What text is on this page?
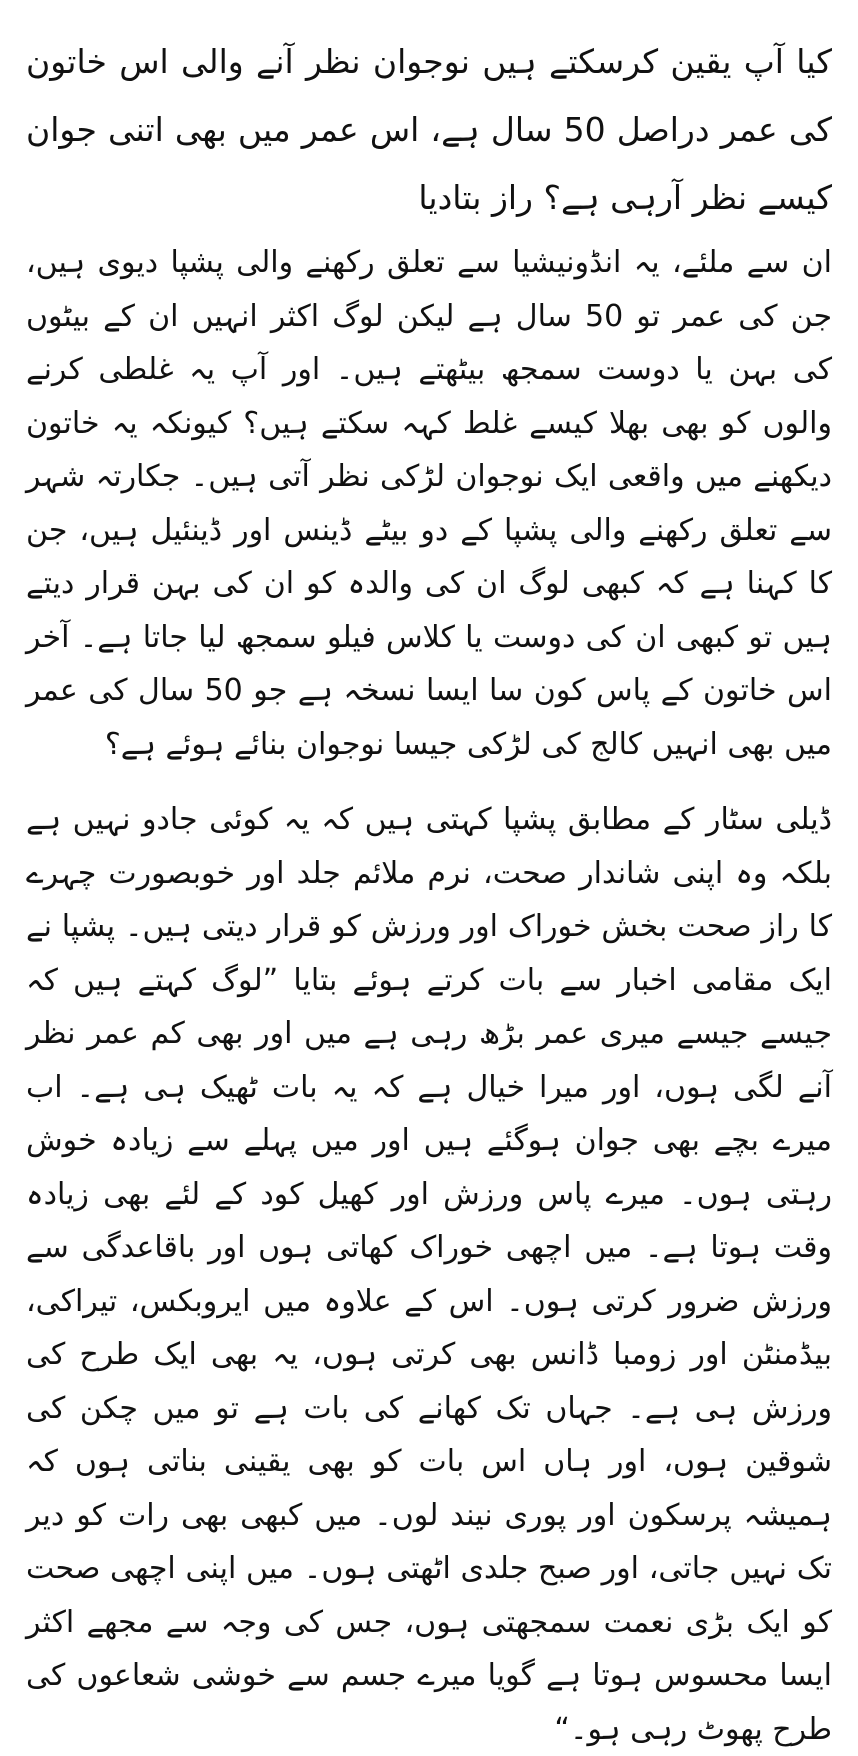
کیا آپ یقین کرسکتے ہیں نوجوان نظر آنے والی اس خاتون کی عمر دراصل 50 سال ہے، اس عمر میں بھی اتنی جوان کیسے نظر آرہی ہے؟ راز بتادیا

ان سے ملئے، یہ انڈونیشیا سے تعلق رکھنے والی پشپا دیوی ہیں، جن کی عمر تو 50 سال ہے لیکن لوگ اکثر انہیں ان کے بیٹوں کی بہن یا دوست سمجھ بیٹھتے ہیں۔ اور آپ یہ غلطی کرنے والوں کو بھی بھلا کیسے غلط کہہ سکتے ہیں؟ کیونکہ یہ خاتون دیکھنے میں واقعی ایک نوجوان لڑکی نظر آتی ہیں۔ جکارتہ شہر سے تعلق رکھنے والی پشپا کے دو بیٹے ڈینس اور ڈینئیل ہیں، جن کا کہنا ہے کہ کبھی لوگ ان کی والدہ کو ان کی بہن قرار دیتے ہیں تو کبھی ان کی دوست یا کلاس فیلو سمجھ لیا جاتا ہے۔ آخر اس خاتون کے پاس کون سا ایسا نسخہ ہے جو 50 سال کی عمر میں بھی انہیں کالج کی لڑکی جیسا نوجوان بنائے ہوئے ہے؟

ڈیلی سٹار کے مطابق پشپا کہتی ہیں کہ یہ کوئی جادو نہیں ہے بلکہ وہ اپنی شاندار صحت، نرم ملائم جلد اور خوبصورت چہرے کا راز صحت بخش خوراک اور ورزش کو قرار دیتی ہیں۔ پشپا نے ایک مقامی اخبار سے بات کرتے ہوئے بتایا ”لوگ کہتے ہیں کہ جیسے جیسے میری عمر بڑھ رہی ہے میں اور بھی کم عمر نظر آنے لگی ہوں، اور میرا خیال ہے کہ یہ بات ٹھیک ہی ہے۔ اب میرے بچے بھی جوان ہوگئے ہیں اور میں پہلے سے زیادہ خوش رہتی ہوں۔ میرے پاس ورزش اور کھیل کود کے لئے بھی زیادہ وقت ہوتا ہے۔ میں اچھی خوراک کھاتی ہوں اور باقاعدگی سے ورزش ضرور کرتی ہوں۔ اس کے علاوہ میں ایروبکس، تیراکی، بیڈمنٹن اور زومبا ڈانس بھی کرتی ہوں، یہ بھی ایک طرح کی ورزش ہی ہے۔ جہاں تک کھانے کی بات ہے تو میں چکن کی شوقین ہوں، اور ہاں اس بات کو بھی یقینی بناتی ہوں کہ ہمیشہ پرسکون اور پوری نیند لوں۔ میں کبھی بھی رات کو دیر تک نہیں جاتی، اور صبح جلدی اٹھتی ہوں۔ میں اپنی اچھی صحت کو ایک بڑی نعمت سمجھتی ہوں، جس کی وجہ سے مجھے اکثر ایسا محسوس ہوتا ہے گویا میرے جسم سے خوشی شعاعوں کی طرح پھوٹ رہی ہو۔“
